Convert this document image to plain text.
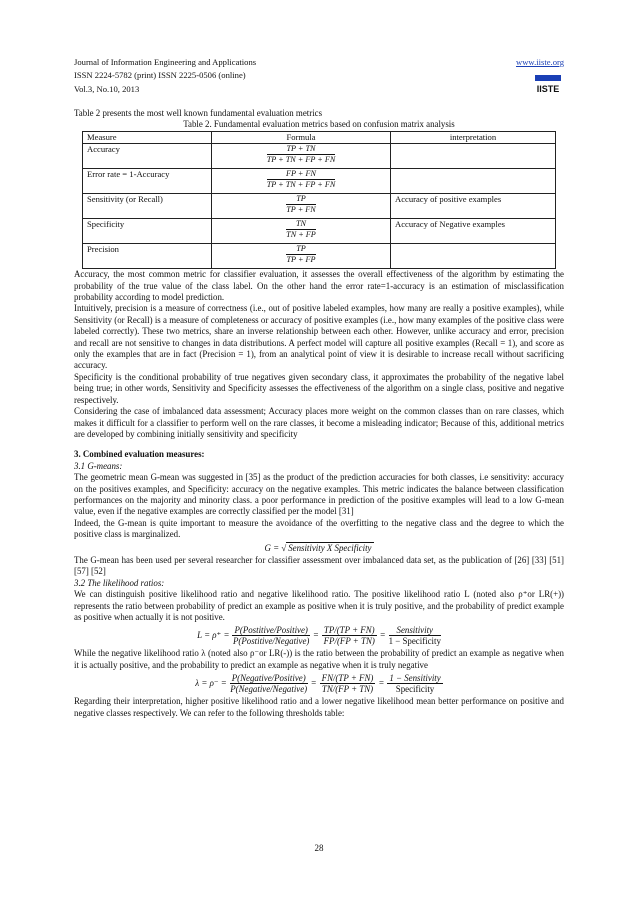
Journal of Information Engineering and Applications
ISSN 2224-5782 (print) ISSN 2225-0506 (online)
Vol.3, No.10, 2013
www.iiste.org
IISTE

Table 2 presents the most well known fundamental evaluation metrics

Table 2. Fundamental evaluation metrics based on confusion matrix analysis

Measure	Formula	interpretation
Accuracy	$\frac{TP + TN}{TP + TN + FP + FN}$

Error rate = 1-Accuracy	$\frac{FP + FN}{TP + TN + FP + FN}$

Sensitivity (or Recall)	$\frac{TP}{TP + FN}$	Accuracy of positive examples
Specificity	$\frac{TN}{TN + FP}$	Accuracy of Negative examples
Precision	$\frac{TP}{TP + FP}$

Accuracy, the most common metric for classifier evaluation, it assesses the overall effectiveness of the algorithm by estimating the probability of the true value of the class label. On the other hand the error rate=1-accuracy is an estimation of misclassification probability according to model prediction.

Intuitively, precision is a measure of correctness (i.e., out of positive labeled examples, how many are really a positive examples), while Sensitivity (or Recall) is a measure of completeness or accuracy of positive examples (i.e., how many examples of the positive class were labeled correctly). These two metrics, share an inverse relationship between each other. However, unlike accuracy and error, precision and recall are not sensitive to changes in data distributions. A perfect model will capture all positive examples (Recall = 1), and score as only the examples that are in fact (Precision = 1), from an analytical point of view it is desirable to increase recall without sacrificing accuracy.

Specificity is the conditional probability of true negatives given secondary class, it approximates the probability of the negative label being true; in other words, Sensitivity and Specificity assesses the effectiveness of the algorithm on a single class, positive and negative respectively.

Considering the case of imbalanced data assessment; Accuracy places more weight on the common classes than on rare classes, which makes it difficult for a classifier to perform well on the rare classes, it become a misleading indicator; Because of this, additional metrics are developed by combining initially sensitivity and specificity

3. Combined evaluation measures:

3.1 G-means:

The geometric mean G-mean was suggested in [35] as the product of the prediction accuracies for both classes, i.e sensitivity: accuracy on the positives examples, and Specificity: accuracy on the negative examples. This metric indicates the balance between classification performances on the majority and minority class. a poor performance in prediction of the positive examples will lead to a low G-mean value, even if the negative examples are correctly classified per the model [31]

Indeed, the G-mean is quite important to measure the avoidance of the overfitting to the negative class and the degree to which the positive class is marginalized.

G = √ Sensitivity X Specificity

The G-mean has been used per several researcher for classifier assessment over imbalanced data set, as the publication of [26] [33] [51] [57] [52]

3.2 The likelihood ratios:

We can distinguish positive likelihood ratio and negative likelihood ratio. The positive likelihood ratio L (noted also ρ⁺or LR(+)) represents the ratio between probability of predict an example as positive when it is truly positive, and the probability of predict example as positive when actually it is not positive.

L = ρ⁺ = P(Postitive/Positive)
P(Postitive/Negative)
= $\frac{TP/(TP + FN)}{FP/(FP + TN)}$ =	Sensitivity
1 − Specificity

While the negative likelihood ratio λ (noted also ρ⁻or LR(-)) is the ratio between the probability of predict an example as negative when it is actually positive, and the probability to predict an example as negative when it is truly negative

λ = ρ⁻ = P(Negative/Positive)
P(Negative/Negative)
= $\frac{FN/(TP + FN)}{TN/(FP + TN)} = 1$ − Sensitivity
Specificity

Regarding their interpretation, higher positive likelihood ratio and a lower negative likelihood mean better performance on positive and negative classes respectively. We can refer to the following thresholds table:

28
